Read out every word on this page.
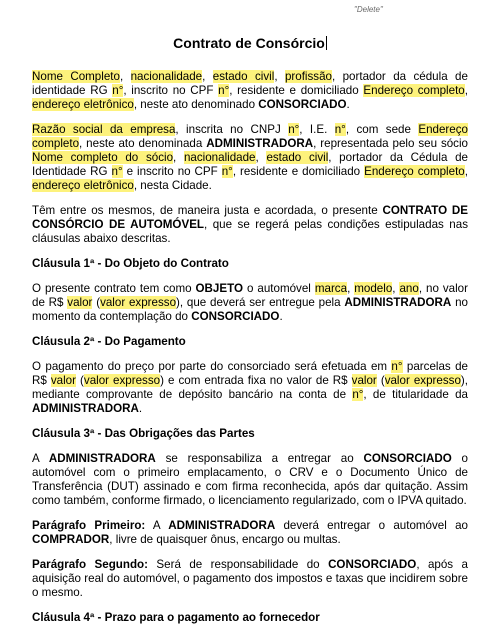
"Delete"
Contrato de Consórcio

Nome Completo, nacionalidade, estado civil, profissão, portador da cédula de identidade RG n°, inscrito no CPF n°, residente e domiciliado Endereço completo, endereço eletrônico, neste ato denominado CONSORCIADO.

Razão social da empresa, inscrita no CNPJ n°, I.E. n°, com sede Endereço completo, neste ato denominada ADMINISTRADORA, representada pelo seu sócio Nome completo do sócio, nacionalidade, estado civil, portador da Cédula de Identidade RG n° e inscrito no CPF n°, residente e domiciliado Endereço completo, endereço eletrônico, nesta Cidade.

Têm entre os mesmos, de maneira justa e acordada, o presente CONTRATO DE CONSÓRCIO DE AUTOMÓVEL, que se regerá pelas condições estipuladas nas cláusulas abaixo descritas.

Cláusula 1ª - Do Objeto do Contrato

O presente contrato tem como OBJETO o automóvel marca, modelo, ano, no valor de R$ valor (valor expresso), que deverá ser entregue pela ADMINISTRADORA no momento da contemplação do CONSORCIADO.

Cláusula 2ª - Do Pagamento

O pagamento do preço por parte do consorciado será efetuada em n° parcelas de R$ valor (valor expresso) e com entrada fixa no valor de R$ valor (valor expresso), mediante comprovante de depósito bancário na conta de n°, de titularidade da ADMINISTRADORA.

Cláusula 3ª - Das Obrigações das Partes

A ADMINISTRADORA se responsabiliza a entregar ao CONSORCIADO o automóvel com o primeiro emplacamento, o CRV e o Documento Único de Transferência (DUT) assinado e com firma reconhecida, após dar quitação. Assim como também, conforme firmado, o licenciamento regularizado, com o IPVA quitado.

Parágrafo Primeiro: A ADMINISTRADORA deverá entregar o automóvel ao COMPRADOR, livre de quaisquer ônus, encargo ou multas.

Parágrafo Segundo: Será de responsabilidade do CONSORCIADO, após a aquisição real do automóvel, o pagamento dos impostos e taxas que incidirem sobre o mesmo.

Cláusula 4ª - Prazo para o pagamento ao fornecedor
